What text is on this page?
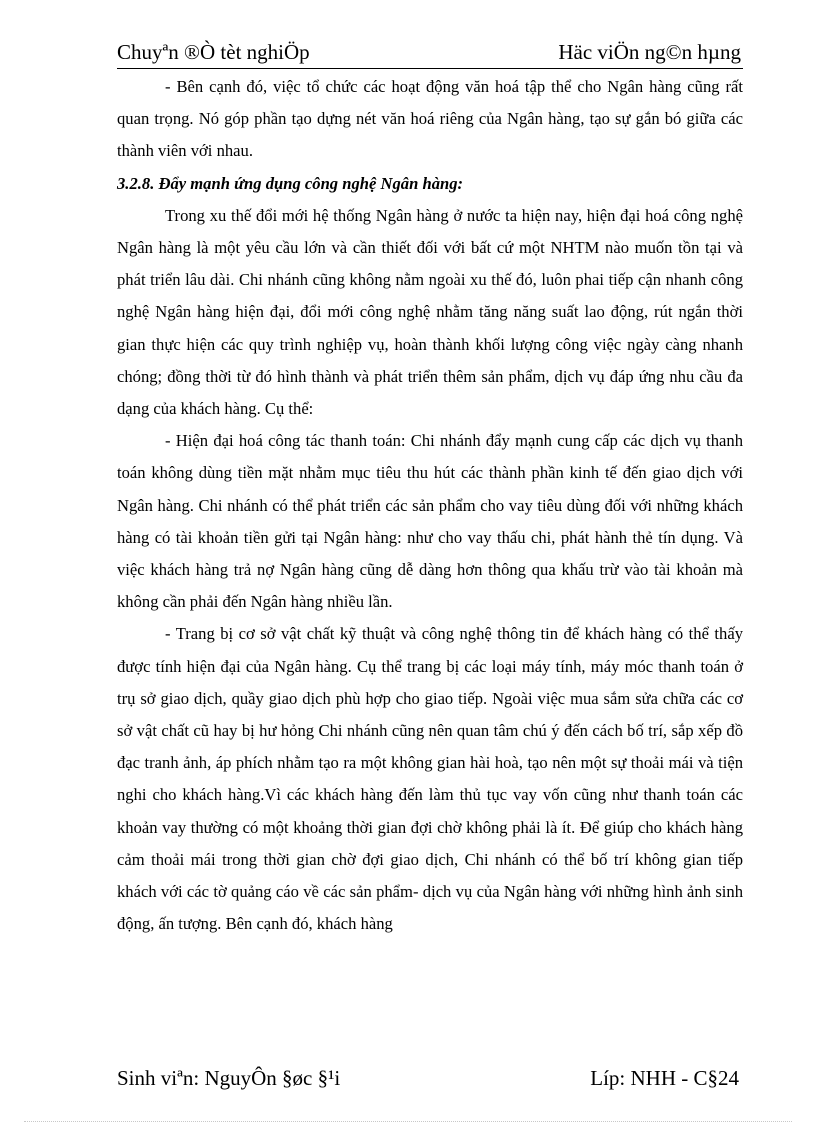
Chuyªn ®Ò tèt nghiÖp	Häc viÖn ng©n hµng

- Bên cạnh đó, việc tổ chức các hoạt động văn hoá tập thể cho Ngân hàng cũng rất quan trọng. Nó góp phần tạo dựng nét văn hoá riêng của Ngân hàng, tạo sự gắn bó giữa các thành viên với nhau.

3.2.8. Đẩy mạnh ứng dụng công nghệ Ngân hàng:

Trong xu thế đổi mới hệ thống Ngân hàng ở nước ta hiện nay, hiện đại hoá công nghệ Ngân hàng là một yêu cầu lớn và cần thiết đối với bất cứ một NHTM nào muốn tồn tại và phát triển lâu dài. Chi nhánh cũng không nằm ngoài xu thế đó, luôn phai tiếp cận nhanh công nghệ Ngân hàng hiện đại, đổi mới công nghệ nhằm tăng năng suất lao động, rút ngắn thời gian thực hiện các quy trình nghiệp vụ, hoàn thành khối lượng công việc ngày càng nhanh chóng; đồng thời từ đó hình thành và phát triển thêm sản phẩm, dịch vụ đáp ứng nhu cầu đa dạng của khách hàng. Cụ thể:

- Hiện đại hoá công tác thanh toán: Chi nhánh đẩy mạnh cung cấp các dịch vụ thanh toán không dùng tiền mặt nhằm mục tiêu thu hút các thành phần kinh tế đến giao dịch với Ngân hàng. Chi nhánh có thể phát triển các sản phẩm cho vay tiêu dùng đối với những khách hàng có tài khoản tiền gửi tại Ngân hàng: như cho vay thấu chi, phát hành thẻ tín dụng. Và việc khách hàng trả nợ Ngân hàng cũng dễ dàng hơn thông qua khấu trừ vào tài khoản mà không cần phải đến Ngân hàng nhiều lần.

- Trang bị cơ sở vật chất kỹ thuật và công nghệ thông tin để khách hàng có thể thấy được tính hiện đại của Ngân hàng. Cụ thể trang bị các loại máy tính, máy móc thanh toán ở trụ sở giao dịch, quầy giao dịch phù hợp cho giao tiếp. Ngoài việc mua sắm sửa chữa các cơ sở vật chất cũ hay bị hư hỏng Chi nhánh cũng nên quan tâm chú ý đến cách bố trí, sắp xếp đồ đạc tranh ảnh, áp phích nhằm tạo ra một không gian hài hoà, tạo nên một sự thoải mái và tiện nghi cho khách hàng.Vì các khách hàng đến làm thủ tục vay vốn cũng như thanh toán các khoản vay thường có một khoảng thời gian đợi chờ không phải là ít. Để giúp cho khách hàng cảm thoải mái trong thời gian chờ đợi giao dịch, Chi nhánh có thể bố trí không gian tiếp khách với các tờ quảng cáo về các sản phẩm- dịch vụ của Ngân hàng với những hình ảnh sinh động, ấn tượng. Bên cạnh đó, khách hàng

Sinh viªn: NguyÔn §øc §¹i	Líp: NHH - C§24
